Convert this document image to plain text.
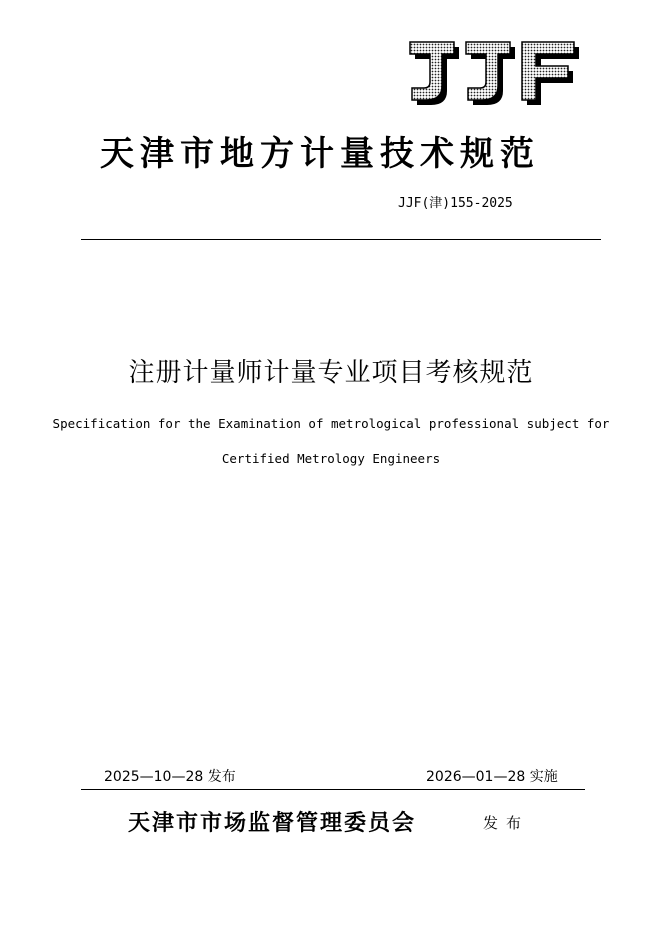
天津市地方计量技术规范
JJF(津)155-2025
注册计量师计量专业项目考核规范
Specification for the Examination of metrological professional subject for
Certified Metrology Engineers
2025—10—28 发布	2026—01—28 实施
天津市市场监督管理委员会	发布
